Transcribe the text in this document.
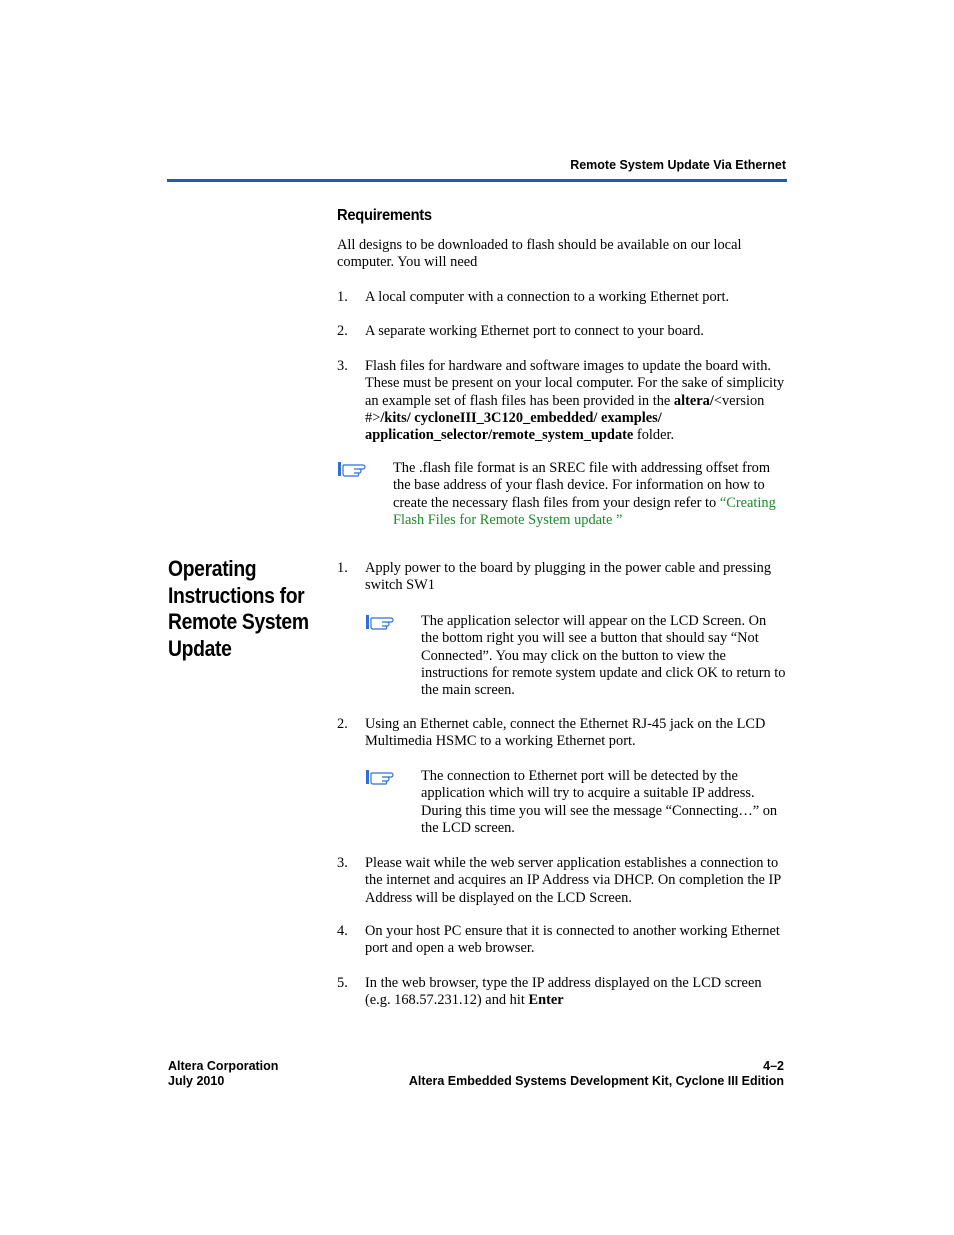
Remote System Update Via Ethernet
Requirements
All designs to be downloaded to flash should be available on our local computer. You will need
1.	A local computer with a connection to a working Ethernet port.
2.	A separate working Ethernet port to connect to your board.
3.	Flash files for hardware and software images to update the board with. These must be present on your local computer. For the sake of simplicity an example set of flash files has been provided in the altera/<version #>/kits/ cycloneIII_3C120_embedded/ examples/ application_selector/remote_system_update folder.
The .flash file format is an SREC file with addressing offset from the base address of your flash device. For information on how to create the necessary flash files from your design refer to “Creating Flash Files for Remote System update ”
Operating
Instructions for
Remote System
Update
1.	Apply power to the board by plugging in the power cable and pressing switch SW1
The application selector will appear on the LCD Screen. On the bottom right you will see a button that should say “Not Connected”. You may click on the button to view the instructions for remote system update and click OK to return to the main screen.
2.	Using an Ethernet cable, connect the Ethernet RJ-45 jack on the LCD Multimedia HSMC to a working Ethernet port.
The connection to Ethernet port will be detected by the application which will try to acquire a suitable IP address. During this time you will see the message “Connecting…” on the LCD screen.
3.	Please wait while the web server application establishes a connection to the internet and acquires an IP Address via DHCP. On completion the IP Address will be displayed on the LCD Screen.
4.	On your host PC ensure that it is connected to another working Ethernet port and open a web browser.
5.	In the web browser, type the IP address displayed on the LCD screen (e.g. 168.57.231.12) and hit Enter
Altera Corporation
July 2010
4–2
Altera Embedded Systems Development Kit, Cyclone III Edition
